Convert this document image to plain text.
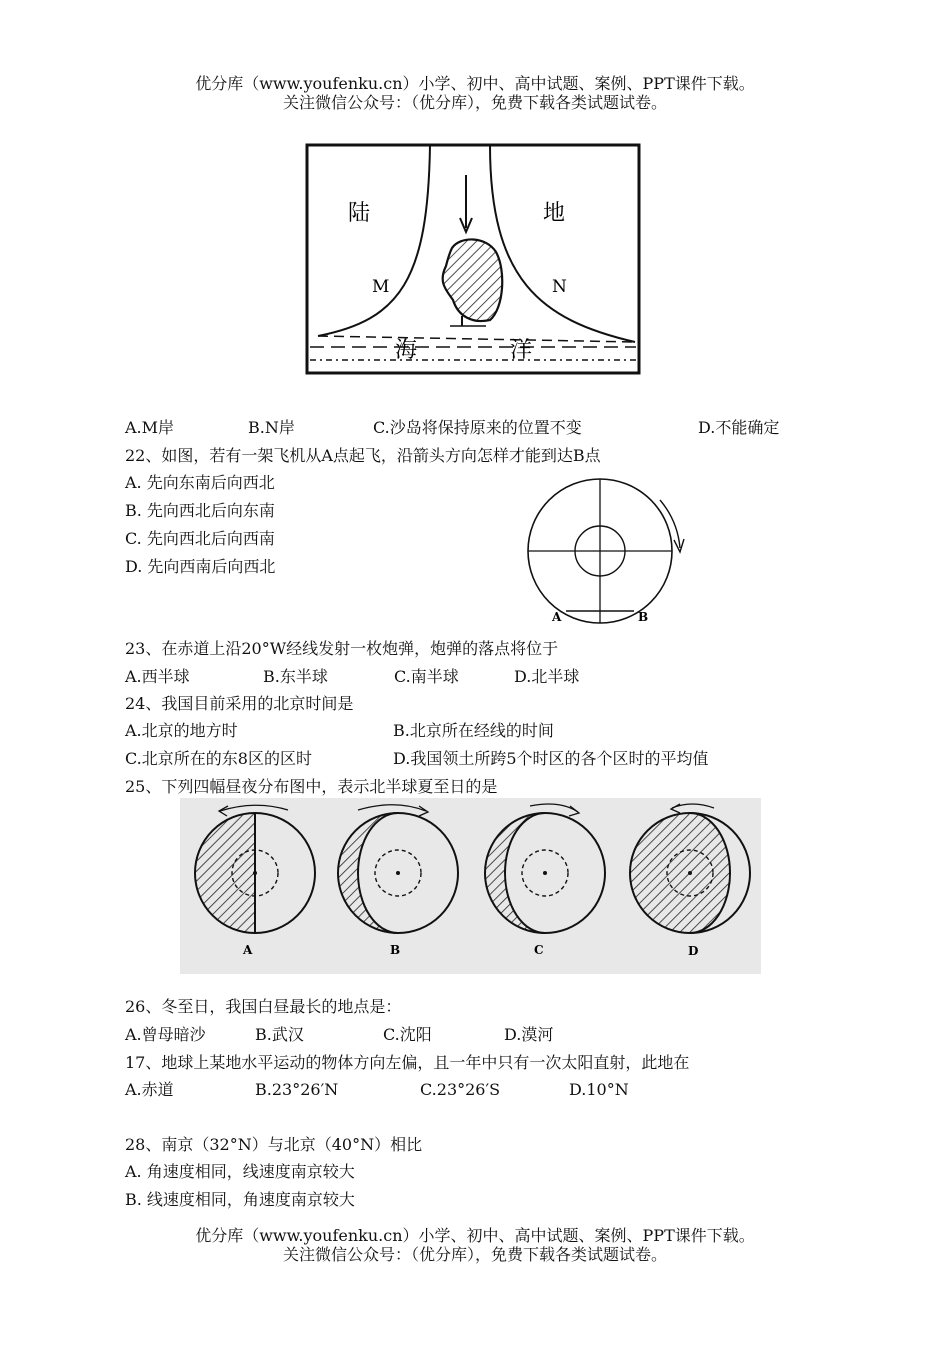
优分库（www.youfenku.cn）小学、初中、高中试题、案例、PPT课件下载。
关注微信公众号：（优分库），免费下载各类试题试卷。
陆	地
M	N
海	洋
A.M岸	B.N岸	C.沙岛将保持原来的位置不变	D.不能确定
22、如图，若有一架飞机从A点起飞，沿箭头方向怎样才能到达B点
A. 先向东南后向西北
B. 先向西北后向东南
C. 先向西北后向西南
D. 先向西南后向西北
A	B
23、在赤道上沿20°W经线发射一枚炮弹，炮弹的落点将位于
A.西半球	B.东半球	C.南半球	D.北半球
24、我国目前采用的北京时间是
A.北京的地方时	B.北京所在经线的时间
C.北京所在的东8区的区时	D.我国领土所跨5个时区的各个区时的平均值
25、下列四幅昼夜分布图中，表示北半球夏至日的是
A	B	C	D
26、冬至日，我国白昼最长的地点是：
A.曾母暗沙	B.武汉	C.沈阳	D.漠河
17、地球上某地水平运动的物体方向左偏，且一年中只有一次太阳直射，此地在
A.赤道	B.23°26′N	C.23°26′S	D.10°N
28、南京（32°N）与北京（40°N）相比
A. 角速度相同，线速度南京较大
B. 线速度相同，角速度南京较大
优分库（www.youfenku.cn）小学、初中、高中试题、案例、PPT课件下载。
关注微信公众号：（优分库），免费下载各类试题试卷。
